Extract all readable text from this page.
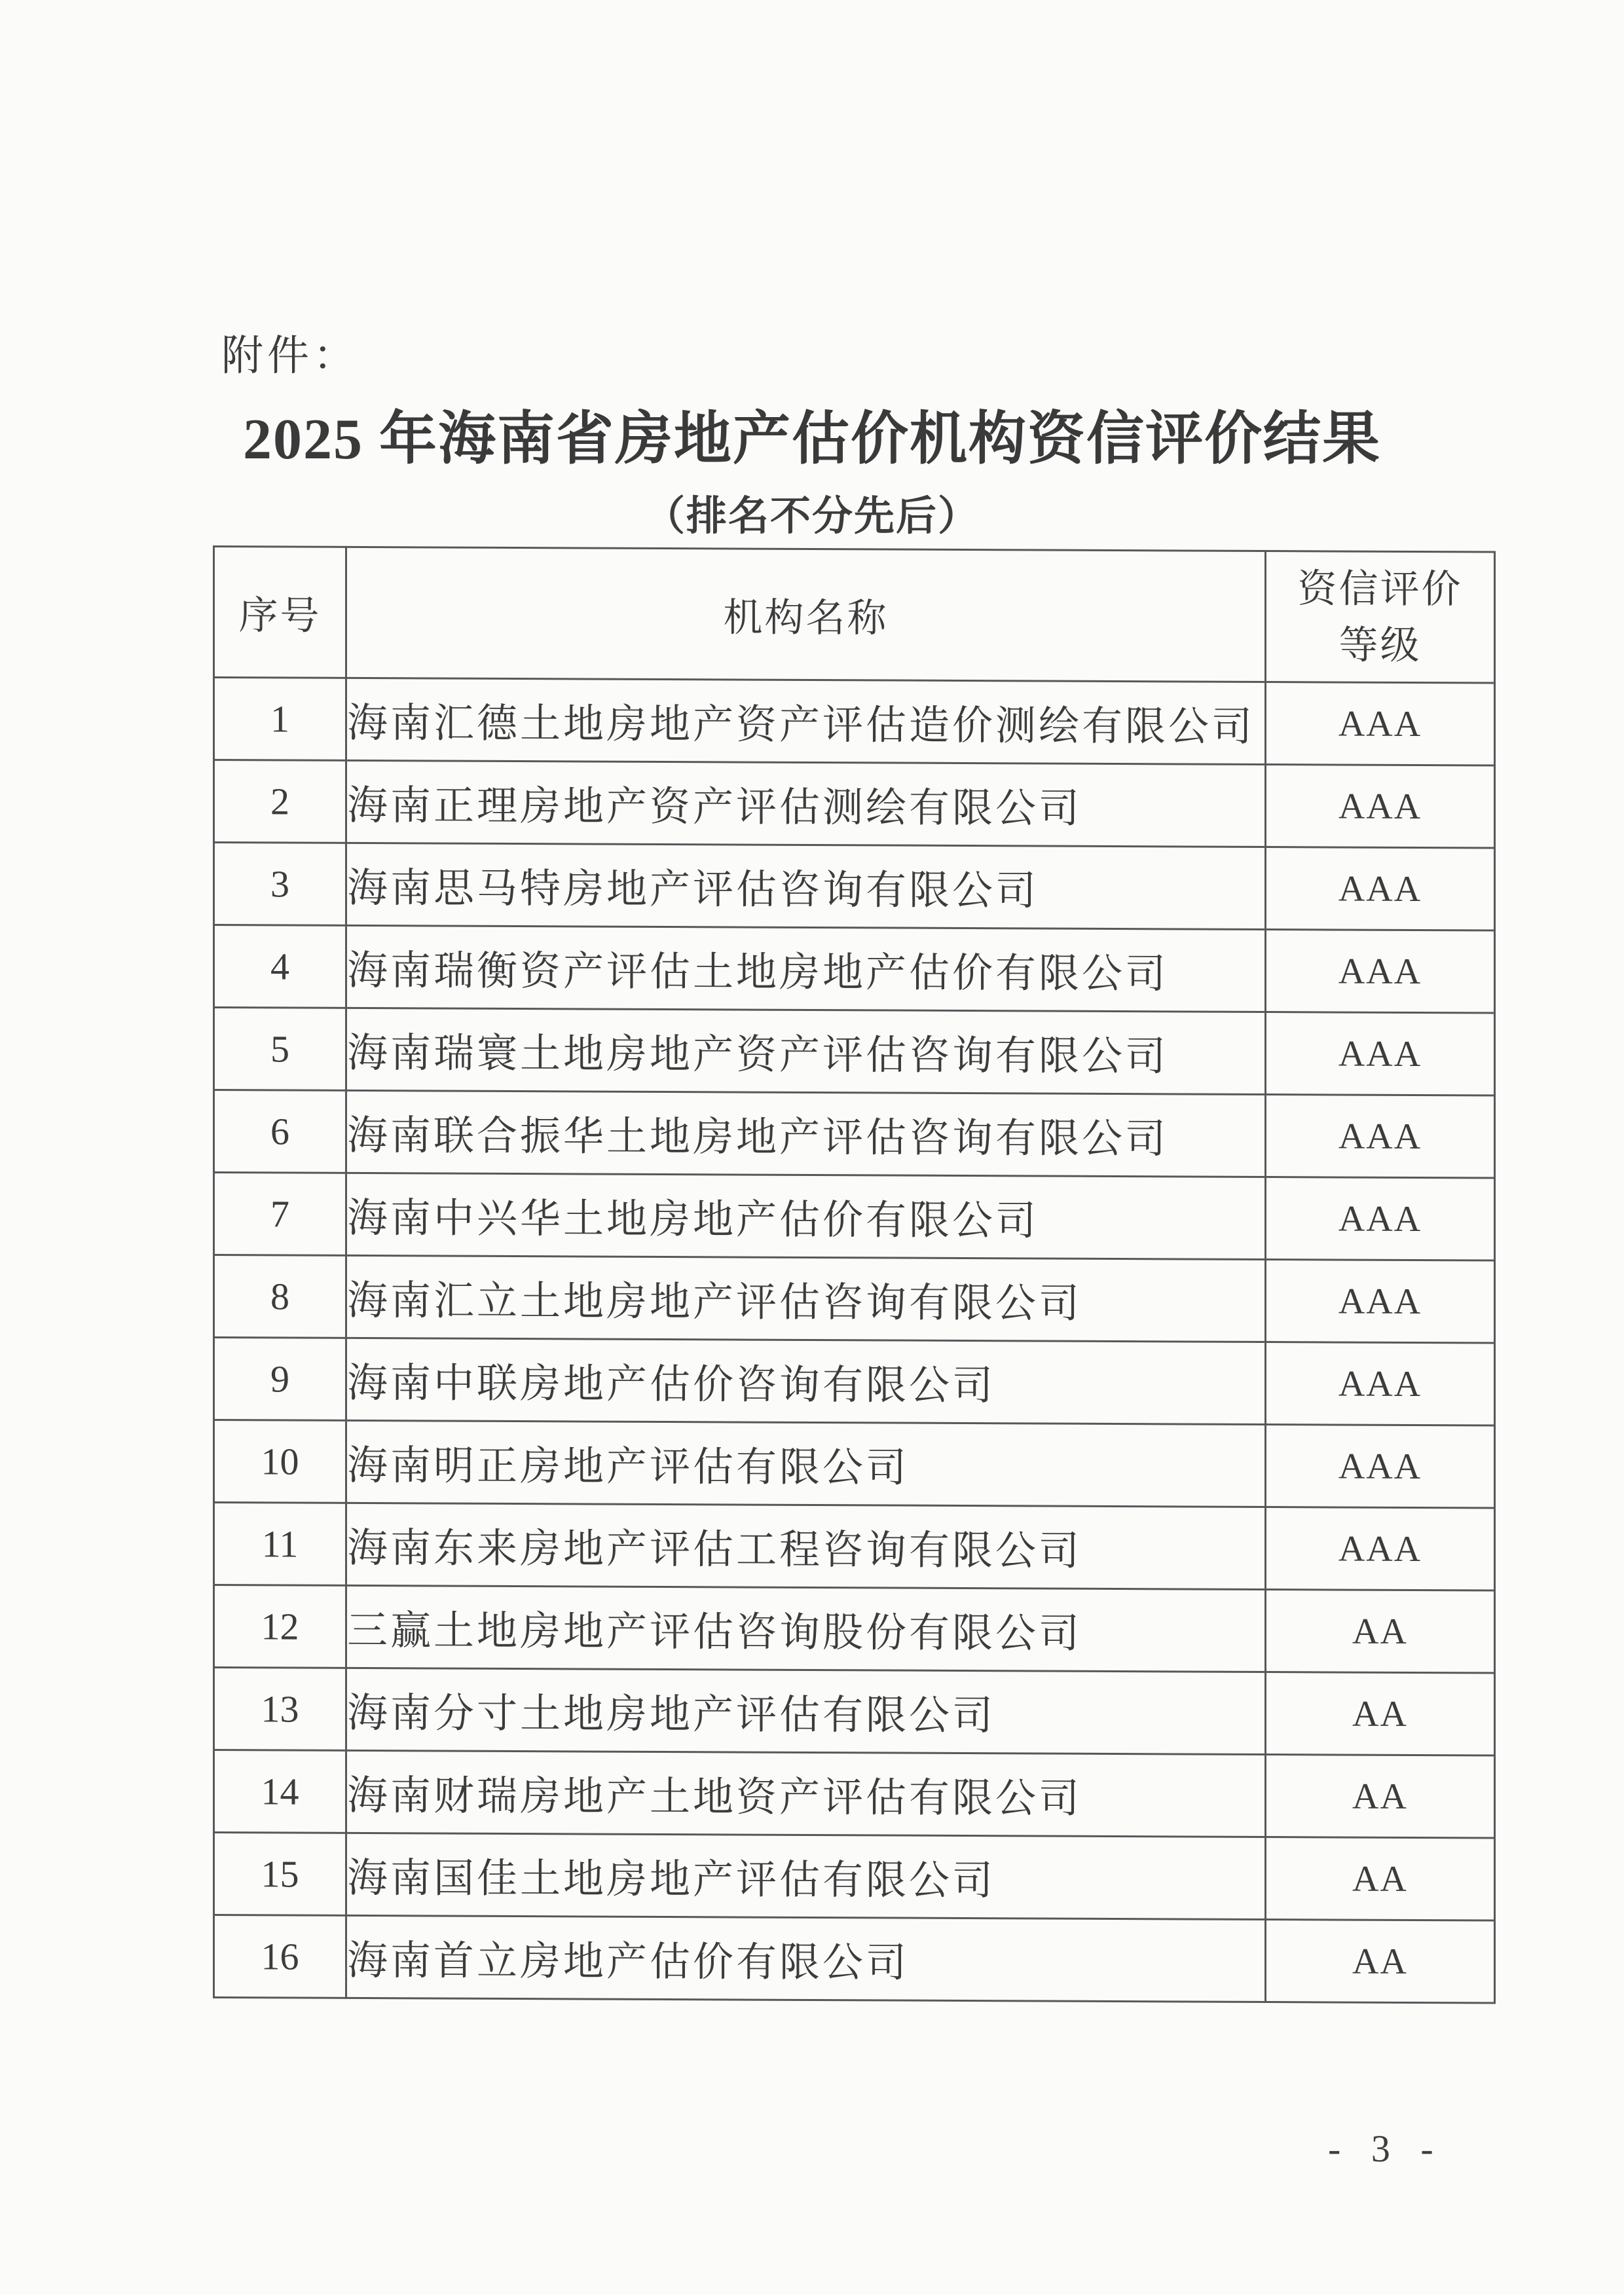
附件：
2025 年海南省房地产估价机构资信评价结果
（排名不分先后）
序号	机构名称	资信评价
等级

1	海南汇德土地房地产资产评估造价测绘有限公司	AAA
2	海南正理房地产资产评估测绘有限公司	AAA
3	海南思马特房地产评估咨询有限公司	AAA
4	海南瑞衡资产评估土地房地产估价有限公司	AAA
5	海南瑞寰土地房地产资产评估咨询有限公司	AAA
6	海南联合振华土地房地产评估咨询有限公司	AAA
7	海南中兴华土地房地产估价有限公司	AAA
8	海南汇立土地房地产评估咨询有限公司	AAA
9	海南中联房地产估价咨询有限公司	AAA
10	海南明正房地产评估有限公司	AAA
11	海南东来房地产评估工程咨询有限公司	AAA
12	三赢土地房地产评估咨询股份有限公司	AA
13	海南分寸土地房地产评估有限公司	AA
14	海南财瑞房地产土地资产评估有限公司	AA
15	海南国佳土地房地产评估有限公司	AA
16	海南首立房地产估价有限公司	AA
- 3 -
